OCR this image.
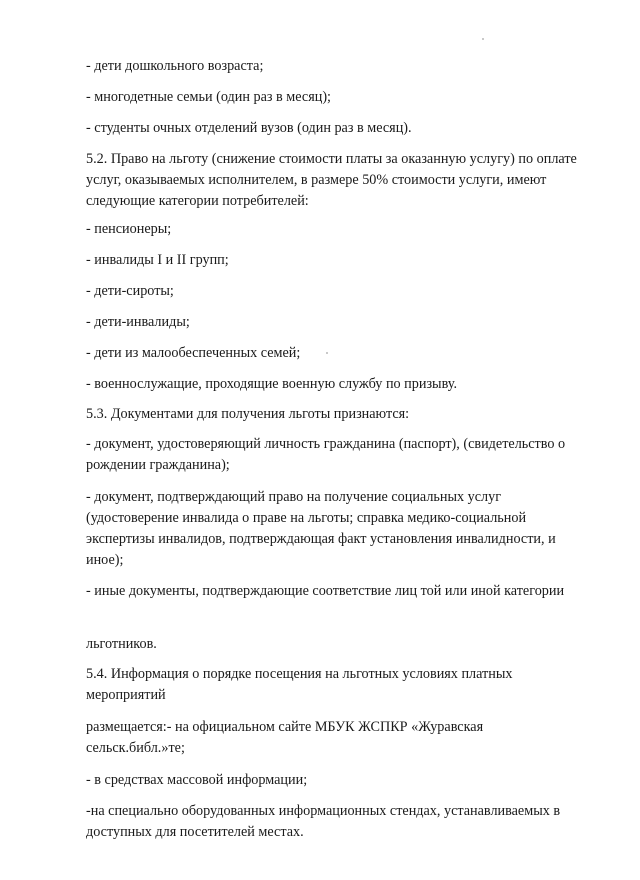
- дети дошкольного возраста;

- многодетные семьи (один раз в месяц);

- студенты очных отделений вузов (один раз в месяц).

5.2. Право на льготу (снижение стоимости платы за оказанную услугу) по оплате услуг, оказываемых исполнителем, в размере 50% стоимости услуги, имеют следующие категории потребителей:

- пенсионеры;

- инвалиды I и II групп;

- дети-сироты;

- дети-инвалиды;

- дети из малообеспеченных семей;

- военнослужащие, проходящие военную службу по призыву.

5.3. Документами для получения льготы признаются:

- документ, удостоверяющий личность гражданина (паспорт), (свидетельство о рождении гражданина);

- документ, подтверждающий право на получение социальных услуг (удостоверение инвалида о праве на льготы; справка медико-социальной экспертизы инвалидов, подтверждающая факт установления инвалидности, и иное);

- иные документы, подтверждающие соответствие лиц той или иной категории

льготников.

5.4. Информация о порядке посещения на льготных условиях платных мероприятий

размещается:- на официальном сайте МБУК ЖСПКР «Журавская сельск.библ.»те;

- в средствах массовой информации;

-на специально оборудованных информационных стендах, устанавливаемых в доступных для посетителей местах.
